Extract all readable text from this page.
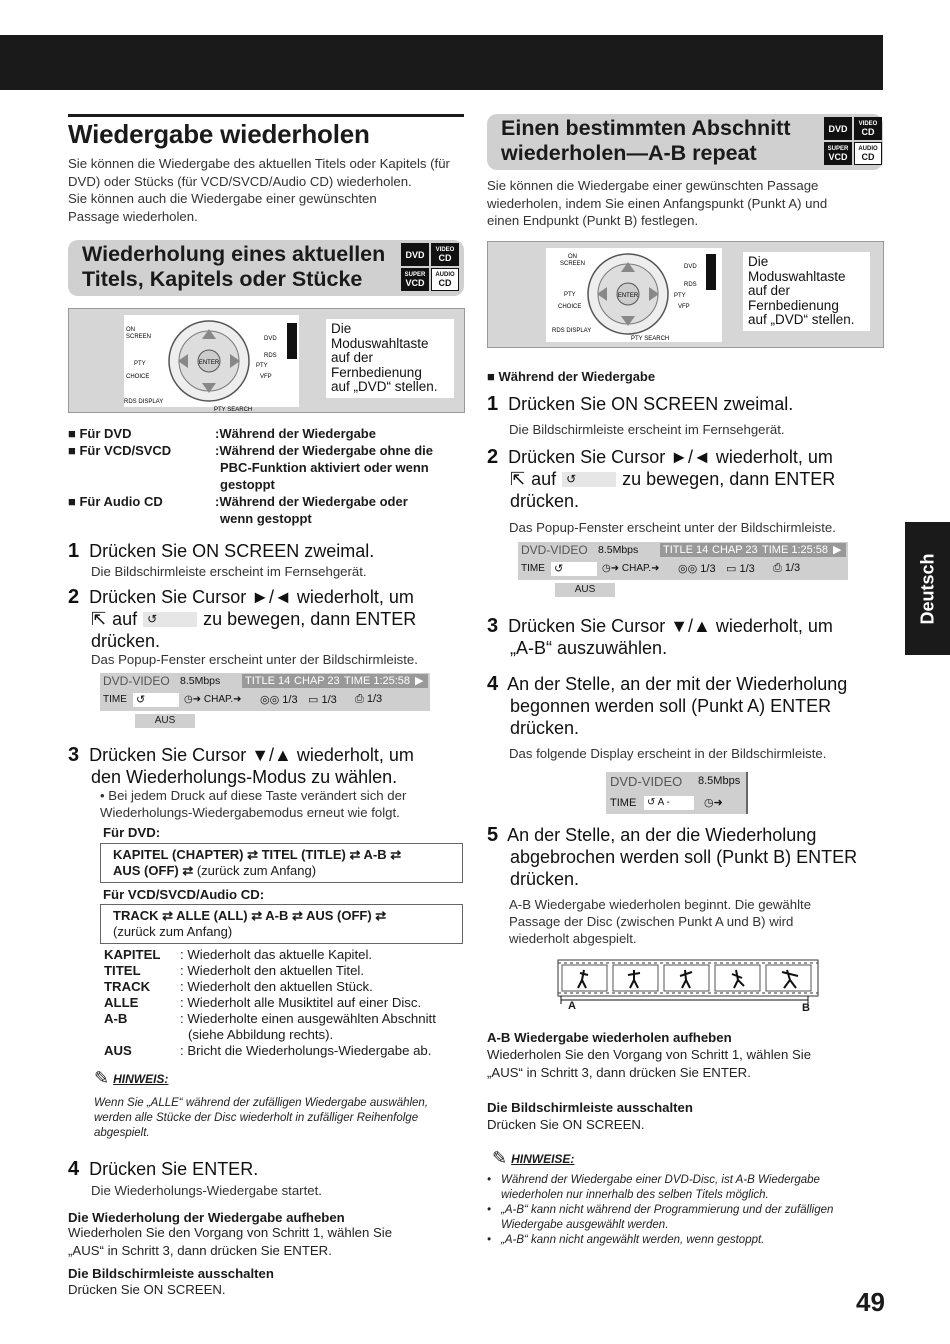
Deutsch
Wiedergabe wiederholen
Sie können die Wiedergabe des aktuellen Titels oder Kapitels (für
DVD) oder Stücks (für VCD/SVCD/Audio CD) wiederholen.
Sie können auch die Wiedergabe einer gewünschten
Passage wiederholen.
Wiederholung eines aktuellen
Titels, Kapitels oder Stücke
DVD	VIDEO
CD
SUPER
VCD
AUDIO
CD
ENTER
ON
SCREEN
PTY
CHOICE
RDS DISPLAY
PTY SEARCH
DVD
RDS
PTY
VFP
Die
Moduswahltaste
auf der
Fernbedienung
auf „DVD“ stellen.
■ Für DVD	:Während der Wiedergabe
■ Für VCD/SVCD	:Während der Wiedergabe ohne die
PBC-Funktion aktiviert oder wenn
gestoppt
■ Für Audio CD	:Während der Wiedergabe oder
wenn gestoppt
1 Drücken Sie ON SCREEN zweimal.
Die Bildschirmleiste erscheint im Fernsehgerät.
2 Drücken Sie Cursor ►/◄ wiederholt, um
⇱ auf ↺	zu bewegen, dann ENTER
drücken.
Das Popup-Fenster erscheint unter der Bildschirmleiste.
DVD-VIDEO 8.5Mbps TITLE 14 CHAP 23 TIME 1:25:58 ▶
TIME ↺	◷➜ CHAP.➜ ◎◎ 1/3 ▭ 1/3 ⎙ 1/3
AUS
3 Drücken Sie Cursor ▼/▲ wiederholt, um
den Wiederholungs-Modus zu wählen.
• Bei jedem Druck auf diese Taste verändert sich der
Wiederholungs-Wiedergabemodus erneut wie folgt.
Für DVD:
KAPITEL (CHAPTER) ⇄ TITEL (TITLE) ⇄ A-B ⇄
AUS (OFF) ⇄ (zurück zum Anfang)
Für VCD/SVCD/Audio CD:
TRACK ⇄ ALLE (ALL) ⇄ A-B ⇄ AUS (OFF) ⇄
(zurück zum Anfang)
KAPITEL	: Wiederholt das aktuelle Kapitel.
TITEL	: Wiederholt den aktuellen Titel.
TRACK	: Wiederholt den aktuellen Stück.
ALLE	: Wiederholt alle Musiktitel auf einer Disc.
A-B	: Wiederholte einen ausgewählten Abschnitt
	(siehe Abbildung rechts).
AUS	: Bricht die Wiederholungs-Wiedergabe ab.
✎ HINWEIS:
Wenn Sie „ALLE“ während der zufälligen Wiedergabe auswählen,
werden alle Stücke der Disc wiederholt in zufälliger Reihenfolge
abgespielt.
4 Drücken Sie ENTER.
Die Wiederholungs-Wiedergabe startet.
Die Wiederholung der Wiedergabe aufheben
Wiederholen Sie den Vorgang von Schritt 1, wählen Sie
„AUS“ in Schritt 3, dann drücken Sie ENTER.
Die Bildschirmleiste ausschalten
Drücken Sie ON SCREEN.
Einen bestimmten Abschnitt
wiederholen—A-B repeat
DVD	VIDEO
CD
SUPER
VCD
AUDIO
CD
Sie können die Wiedergabe einer gewünschten Passage
wiederholen, indem Sie einen Anfangspunkt (Punkt A) und
einen Endpunkt (Punkt B) festlegen.
ENTER
ON
SCREEN
PTY
CHOICE
RDS DISPLAY
PTY SEARCH
DVD
RDS
PTY
VFP
Die
Moduswahltaste
auf der
Fernbedienung
auf „DVD“ stellen.
■ Während der Wiedergabe
1 Drücken Sie ON SCREEN zweimal.
Die Bildschirmleiste erscheint im Fernsehgerät.
2 Drücken Sie Cursor ►/◄ wiederholt, um
⇱ auf ↺	zu bewegen, dann ENTER
drücken.
Das Popup-Fenster erscheint unter der Bildschirmleiste.
DVD-VIDEO 8.5Mbps TITLE 14 CHAP 23 TIME 1:25:58 ▶
TIME ↺	◷➜ CHAP.➜ ◎◎ 1/3 ▭ 1/3 ⎙ 1/3
AUS
3 Drücken Sie Cursor ▼/▲ wiederholt, um
„A-B“ auszuwählen.
4 An der Stelle, an der mit der Wiederholung
begonnen werden soll (Punkt A) ENTER
drücken.
Das folgende Display erscheint in der Bildschirmleiste.
DVD-VIDEO 8.5Mbps
TIME	↺ A -	◷➜
5 An der Stelle, an der die Wiederholung
abgebrochen werden soll (Punkt B) ENTER
drücken.
A-B Wiedergabe wiederholen beginnt. Die gewählte
Passage der Disc (zwischen Punkt A und B) wird
wiederholt abgespielt.
A	B
A-B Wiedergabe wiederholen aufheben
Wiederholen Sie den Vorgang von Schritt 1, wählen Sie
„AUS“ in Schritt 3, dann drücken Sie ENTER.
Die Bildschirmleiste ausschalten
Drücken Sie ON SCREEN.
✎ HINWEISE:
• Während der Wiedergabe einer DVD-Disc, ist A-B Wiedergabe
wiederholen nur innerhalb des selben Titels möglich.
• „A-B“ kann nicht während der Programmierung und der zufälligen
Wiedergabe ausgewählt werden.
• „A-B“ kann nicht angewählt werden, wenn gestoppt.
49
